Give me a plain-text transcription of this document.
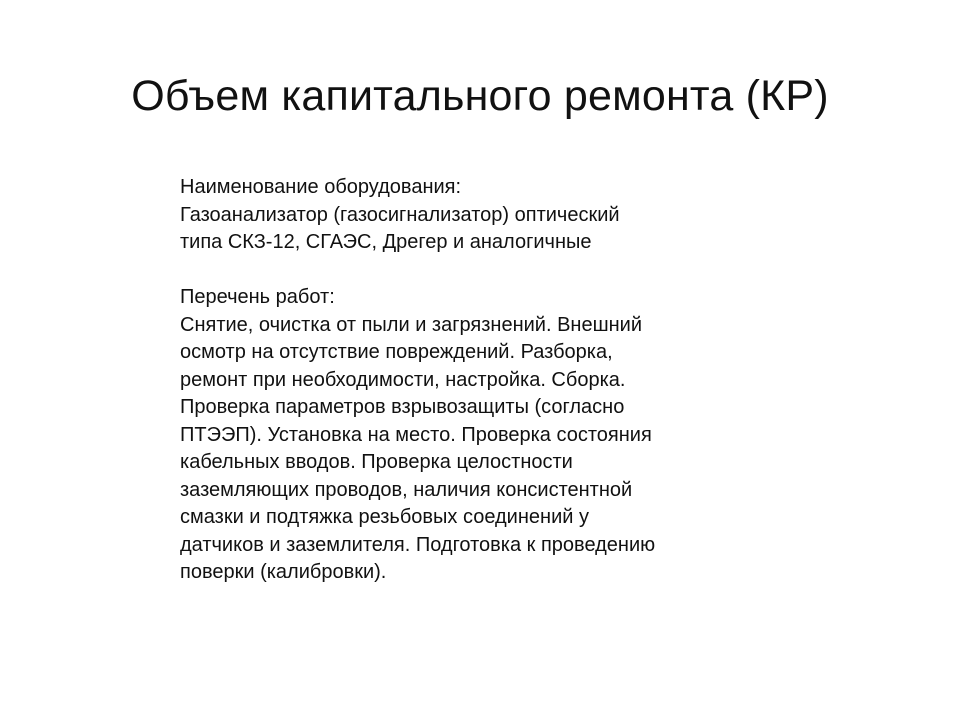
Объем капитального ремонта (КР)

Наименование оборудования:
Газоанализатор (газосигнализатор) оптический
типа СКЗ-12, СГАЭС, Дрегер и аналогичные

Перечень работ:
Снятие, очистка от пыли и загрязнений. Внешний
осмотр на отсутствие повреждений. Разборка,
ремонт при необходимости, настройка. Сборка.
Проверка параметров взрывозащиты (согласно
ПТЭЭП). Установка на место. Проверка состояния
кабельных вводов. Проверка целостности
заземляющих проводов, наличия консистентной
смазки и подтяжка резьбовых соединений у
датчиков и заземлителя. Подготовка к проведению
поверки (калибровки).
